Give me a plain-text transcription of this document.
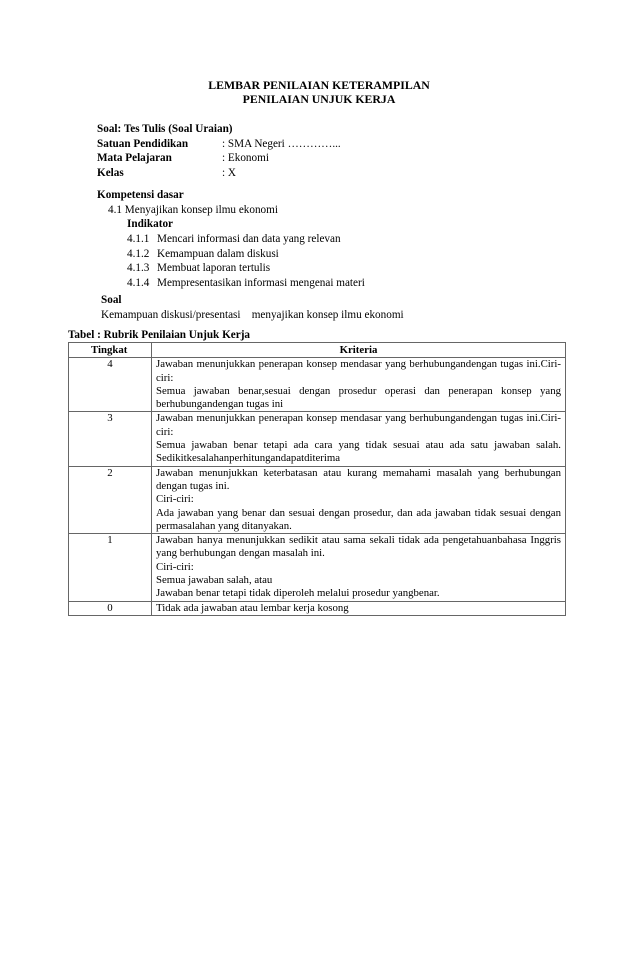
LEMBAR PENILAIAN KETERAMPILAN
PENILAIAN UNJUK KERJA
Soal: Tes Tulis (Soal Uraian)
Satuan Pendidikan	: SMA Negeri …………...
Mata Pelajaran	: Ekonomi
Kelas	: X
Kompetensi dasar
4.1 Menyajikan konsep ilmu ekonomi
Indikator
4.1.1 Mencari informasi dan data yang relevan
4.1.2 Kemampuan dalam diskusi
4.1.3 Membuat laporan tertulis
4.1.4 Mempresentasikan informasi mengenai materi
Soal
Kemampuan diskusi/presentasi    menyajikan konsep ilmu ekonomi
Tabel : Rubrik Penilaian Unjuk Kerja
Tingkat	Kriteria
4	Jawaban menunjukkan penerapan konsep mendasar yang berhubungandengan tugas ini.Ciri-ciri:
Semua jawaban benar,sesuai dengan prosedur operasi dan penerapan konsep yang berhubungandengan tugas ini

3	Jawaban menunjukkan penerapan konsep mendasar yang berhubungandengan tugas ini.Ciri-ciri:
Semua jawaban benar tetapi ada cara yang tidak sesuai atau ada satu jawaban salah. Sedikitkesalahanperhitungandapatditerima

2	Jawaban menunjukkan keterbatasan atau kurang memahami masalah yang berhubungan dengan tugas ini.
Ciri-ciri:
Ada jawaban yang benar dan sesuai dengan prosedur, dan ada jawaban tidak sesuai dengan permasalahan yang ditanyakan.

1	Jawaban hanya menunjukkan sedikit atau sama sekali tidak ada pengetahuanbahasa Inggris yang berhubungan dengan masalah ini.
Ciri-ciri:
Semua jawaban salah, atau
Jawaban benar tetapi tidak diperoleh melalui prosedur yangbenar.

0	Tidak ada jawaban atau lembar kerja kosong
